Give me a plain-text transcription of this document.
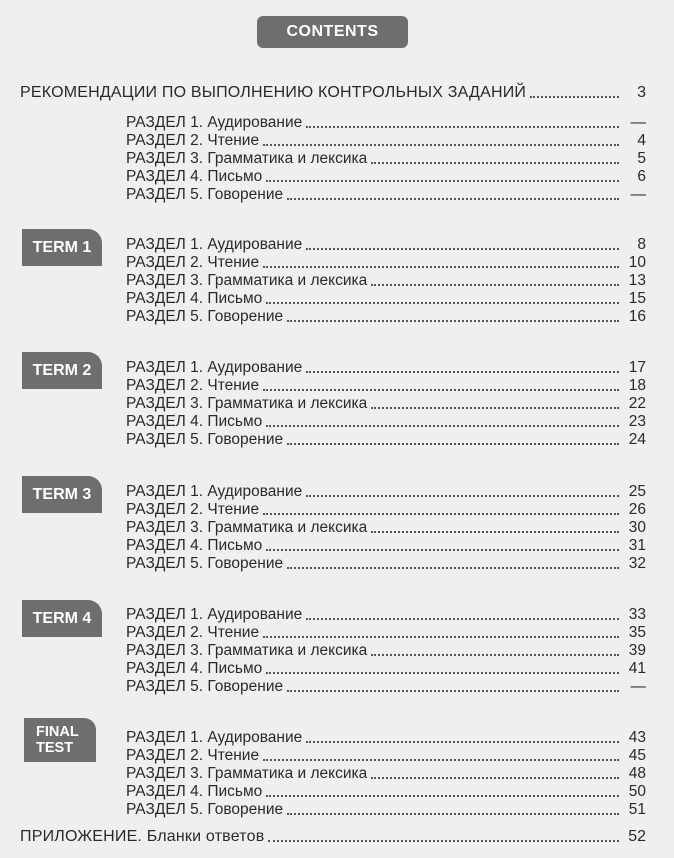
CONTENTS
РЕКОМЕНДАЦИИ ПО ВЫПОЛНЕНИЮ КОНТРОЛЬНЫХ ЗАДАНИЙ	3
РАЗДЕЛ 1. Аудирование	—
РАЗДЕЛ 2. Чтение	4
РАЗДЕЛ 3. Грамматика и лексика	5
РАЗДЕЛ 4. Письмо	6
РАЗДЕЛ 5. Говорение	—
TERM 1 РАЗДЕЛ 1. Аудирование	8
РАЗДЕЛ 2. Чтение	10
РАЗДЕЛ 3. Грамматика и лексика	13
РАЗДЕЛ 4. Письмо	15
РАЗДЕЛ 5. Говорение	16
TERM 2 РАЗДЕЛ 1. Аудирование	17
РАЗДЕЛ 2. Чтение	18
РАЗДЕЛ 3. Грамматика и лексика	22
РАЗДЕЛ 4. Письмо	23
РАЗДЕЛ 5. Говорение	24
TERM 3 РАЗДЕЛ 1. Аудирование	25
РАЗДЕЛ 2. Чтение	26
РАЗДЕЛ 3. Грамматика и лексика	30
РАЗДЕЛ 4. Письмо	31
РАЗДЕЛ 5. Говорение	32
TERM 4 РАЗДЕЛ 1. Аудирование	33
РАЗДЕЛ 2. Чтение	35
РАЗДЕЛ 3. Грамматика и лексика	39
РАЗДЕЛ 4. Письмо	41
РАЗДЕЛ 5. Говорение	—
FINAL
TEST
РАЗДЕЛ 1. Аудирование	43
РАЗДЕЛ 2. Чтение	45
РАЗДЕЛ 3. Грамматика и лексика	48
РАЗДЕЛ 4. Письмо	50
РАЗДЕЛ 5. Говорение	51
ПРИЛОЖЕНИЕ. Бланки ответов	52
